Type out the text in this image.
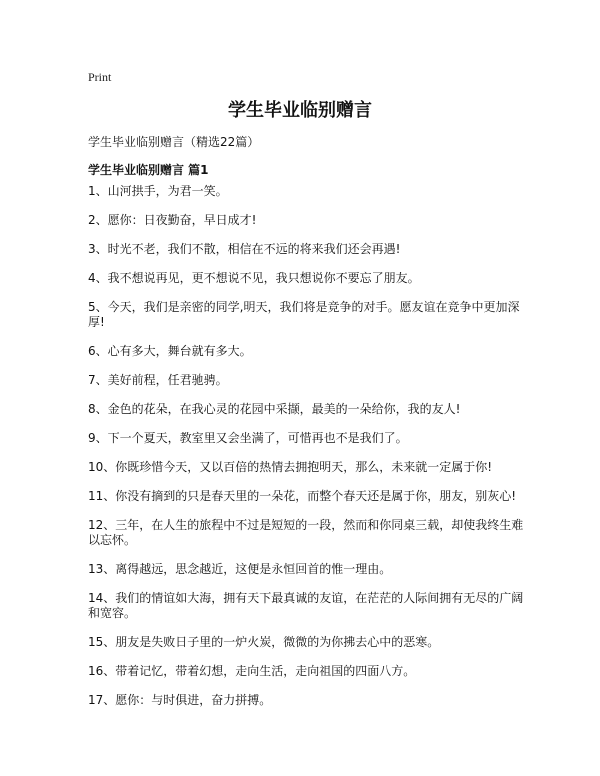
Print
学生毕业临别赠言

学生毕业临别赠言（精选22篇）

学生毕业临别赠言 篇1
1、山河拱手，为君一笑。
2、愿你：日夜勤奋，早日成才!
3、时光不老，我们不散，相信在不远的将来我们还会再遇!
4、我不想说再见，更不想说不见，我只想说你不要忘了朋友。
5、今天，我们是亲密的同学,明天，我们将是竞争的对手。愿友谊在竞争中更加深厚!
6、心有多大，舞台就有多大。
7、美好前程，任君驰骋。
8、金色的花朵，在我心灵的花园中采撷，最美的一朵给你，我的友人!
9、下一个夏天，教室里又会坐满了，可惜再也不是我们了。
10、你既珍惜今天，又以百倍的热情去拥抱明天，那么，未来就一定属于你!
11、你没有摘到的只是春天里的一朵花，而整个春天还是属于你，朋友，别灰心!
12、三年，在人生的旅程中不过是短短的一段，然而和你同桌三载，却使我终生难以忘怀。
13、离得越远，思念越近，这便是永恒回首的惟一理由。
14、我们的情谊如大海，拥有天下最真诚的友谊，在茫茫的人际间拥有无尽的广阔和宽容。
15、朋友是失败日子里的一炉火炭，微微的为你拂去心中的恶寒。
16、带着记忆，带着幻想，走向生活，走向祖国的四面八方。
17、愿你：与时俱进，奋力拼搏。
